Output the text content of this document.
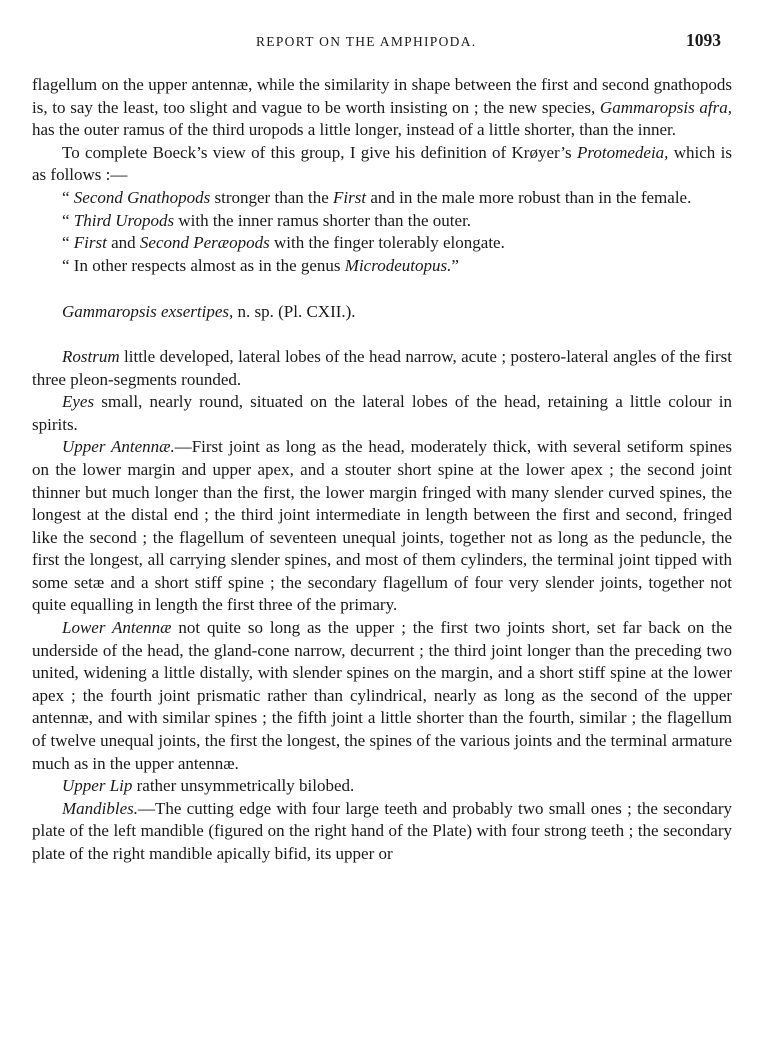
REPORT ON THE AMPHIPODA.	1093

flagellum on the upper antennæ, while the similarity in shape between the first and second gnathopods is, to say the least, too slight and vague to be worth insisting on ; the new species, Gammaropsis afra, has the outer ramus of the third uropods a little longer, instead of a little shorter, than the inner.

To complete Boeck’s view of this group, I give his definition of Krøyer’s Protomedeia, which is as follows :—

“ Second Gnathopods stronger than the First and in the male more robust than in the female.

“ Third Uropods with the inner ramus shorter than the outer.

“ First and Second Peræopods with the finger tolerably elongate.

“ In other respects almost as in the genus Microdeutopus.”

Gammaropsis exsertipes, n. sp. (Pl. CXII.).

Rostrum little developed, lateral lobes of the head narrow, acute ; postero-lateral angles of the first three pleon-segments rounded.

Eyes small, nearly round, situated on the lateral lobes of the head, retaining a little colour in spirits.

Upper Antennæ.—First joint as long as the head, moderately thick, with several setiform spines on the lower margin and upper apex, and a stouter short spine at the lower apex ; the second joint thinner but much longer than the first, the lower margin fringed with many slender curved spines, the longest at the distal end ; the third joint intermediate in length between the first and second, fringed like the second ; the flagellum of seventeen unequal joints, together not as long as the peduncle, the first the longest, all carrying slender spines, and most of them cylinders, the terminal joint tipped with some setæ and a short stiff spine ; the secondary flagellum of four very slender joints, together not quite equalling in length the first three of the primary.

Lower Antennæ not quite so long as the upper ; the first two joints short, set far back on the underside of the head, the gland-cone narrow, decurrent ; the third joint longer than the preceding two united, widening a little distally, with slender spines on the margin, and a short stiff spine at the lower apex ; the fourth joint prismatic rather than cylindrical, nearly as long as the second of the upper antennæ, and with similar spines ; the fifth joint a little shorter than the fourth, similar ; the flagellum of twelve unequal joints, the first the longest, the spines of the various joints and the terminal armature much as in the upper antennæ.

Upper Lip rather unsymmetrically bilobed.

Mandibles.—The cutting edge with four large teeth and probably two small ones ; the secondary plate of the left mandible (figured on the right hand of the Plate) with four strong teeth ; the secondary plate of the right mandible apically bifid, its upper or
